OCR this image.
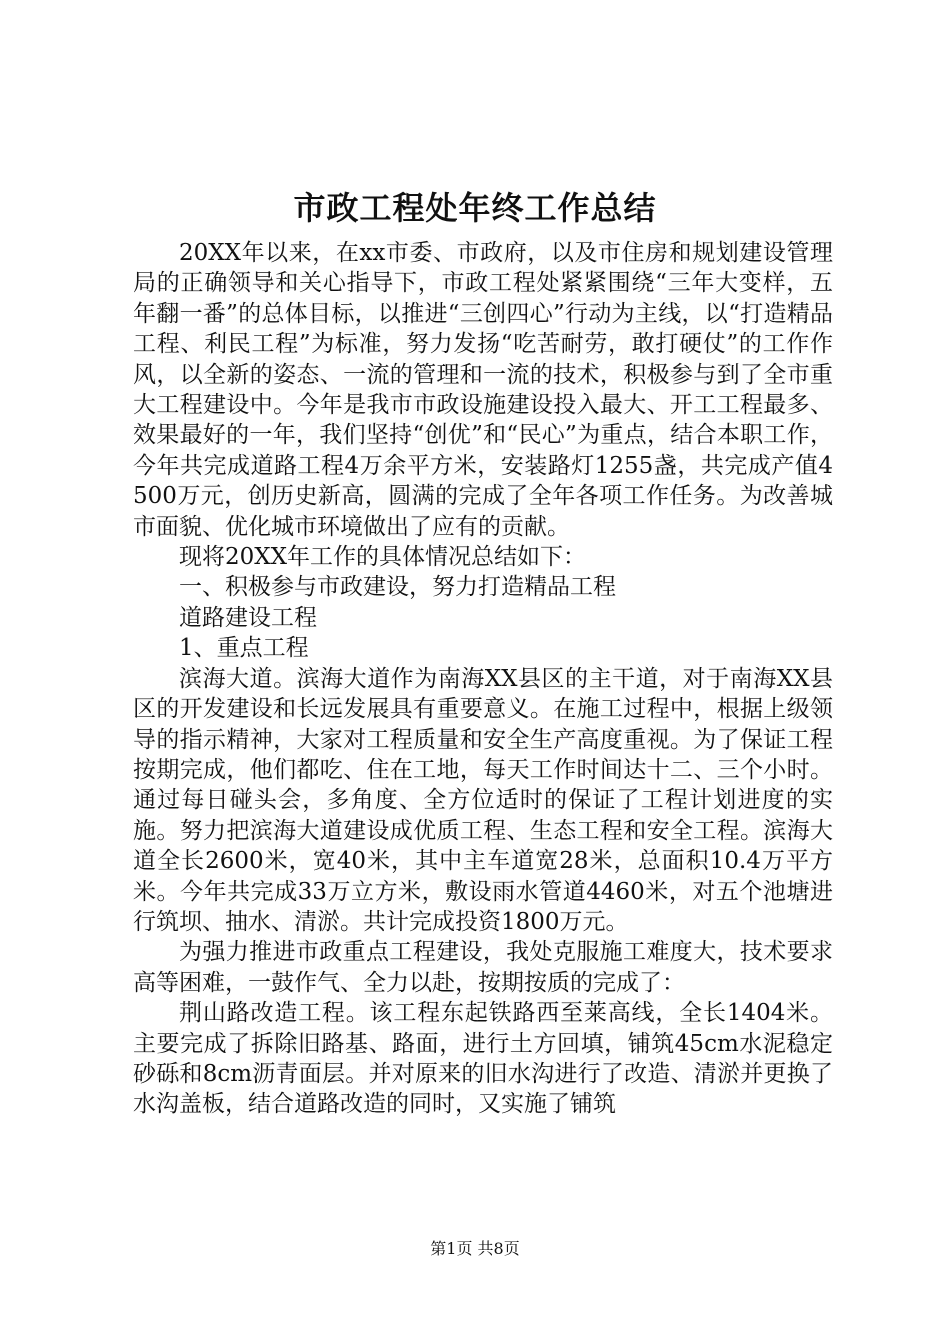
市政工程处年终工作总结

20XX年以来，在xx市委、市政府，以及市住房和规划建设管理局的正确领导和关心指导下，市政工程处紧紧围绕“三年大变样，五年翻一番”的总体目标，以推进“三创四心”行动为主线，以“打造精品工程、利民工程”为标准，努力发扬“吃苦耐劳，敢打硬仗”的工作作风，以全新的姿态、一流的管理和一流的技术，积极参与到了全市重大工程建设中。今年是我市市政设施建设投入最大、开工工程最多、效果最好的一年，我们坚持“创优”和“民心”为重点，结合本职工作，今年共完成道路工程4万余平方米，安装路灯1255盏，共完成产值4500万元，创历史新高，圆满的完成了全年各项工作任务。为改善城市面貌、优化城市环境做出了应有的贡献。

现将20XX年工作的具体情况总结如下：

一、积极参与市政建设，努力打造精品工程

道路建设工程

1、重点工程

滨海大道。滨海大道作为南海XX县区的主干道，对于南海XX县区的开发建设和长远发展具有重要意义。在施工过程中，根据上级领导的指示精神，大家对工程质量和安全生产高度重视。为了保证工程按期完成，他们都吃、住在工地，每天工作时间达十二、三个小时。通过每日碰头会，多角度、全方位适时的保证了工程计划进度的实施。努力把滨海大道建设成优质工程、生态工程和安全工程。滨海大道全长2600米，宽40米，其中主车道宽28米，总面积10.4万平方米。今年共完成33万立方米，敷设雨水管道4460米，对五个池塘进行筑坝、抽水、清淤。共计完成投资1800万元。

为强力推进市政重点工程建设，我处克服施工难度大，技术要求高等困难，一鼓作气、全力以赴，按期按质的完成了：

荆山路改造工程。该工程东起铁路西至莱高线，全长1404米。主要完成了拆除旧路基、路面，进行土方回填，铺筑45cm水泥稳定砂砾和8cm沥青面层。并对原来的旧水沟进行了改造、清淤并更换了水沟盖板，结合道路改造的同时，又实施了铺筑

第1页 共8页
